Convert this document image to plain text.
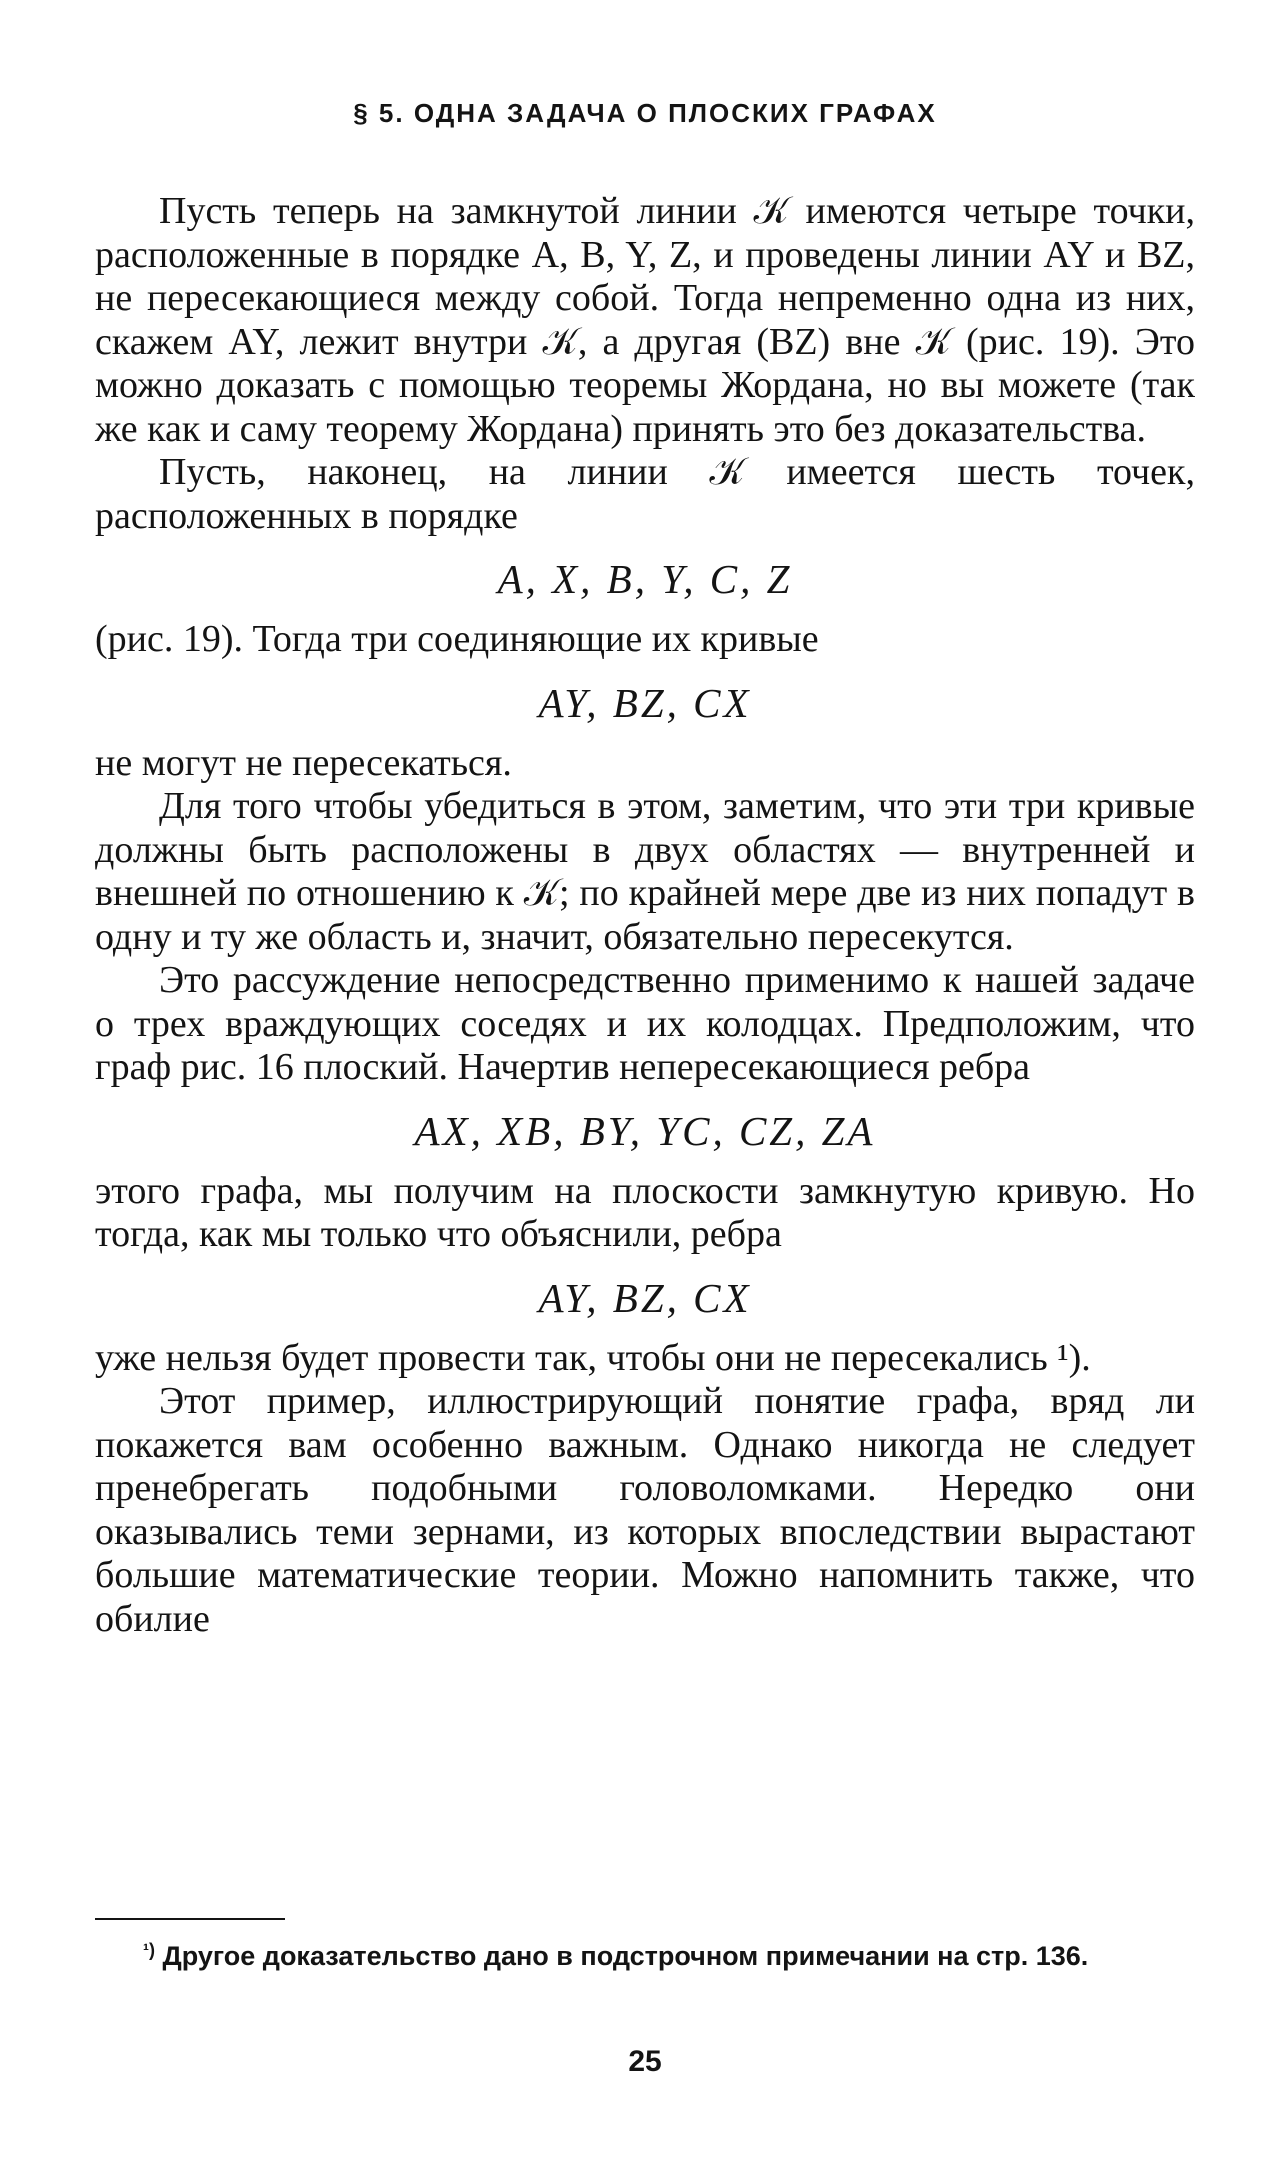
§ 5. ОДНА ЗАДАЧА О ПЛОСКИХ ГРАФАХ

Пусть теперь на замкнутой линии 𝒦 имеются четыре точки, расположенные в порядке A, B, Y, Z, и проведены линии AY и BZ, не пересекающиеся между собой. Тогда непременно одна из них, скажем AY, лежит внутри 𝒦, а другая (BZ) вне 𝒦 (рис. 19). Это можно доказать с помощью теоремы Жордана, но вы можете (так же как и саму теорему Жордана) принять это без доказательства.

Пусть, наконец, на линии 𝒦 имеется шесть точек, расположенных в порядке

A, X, B, Y, C, Z

(рис. 19). Тогда три соединяющие их кривые

AY, BZ, CX

не могут не пересекаться.

Для того чтобы убедиться в этом, заметим, что эти три кривые должны быть расположены в двух областях — внутренней и внешней по отношению к 𝒦; по крайней мере две из них попадут в одну и ту же область и, значит, обязательно пересекутся.

Это рассуждение непосредственно применимо к нашей задаче о трех враждующих соседях и их колодцах. Предположим, что граф рис. 16 плоский. Начертив непересекающиеся ребра

AX, XB, BY, YC, CZ, ZA

этого графа, мы получим на плоскости замкнутую кривую. Но тогда, как мы только что объяснили, ребра

AY, BZ, CX

уже нельзя будет провести так, чтобы они не пересекались ¹).

Этот пример, иллюстрирующий понятие графа, вряд ли покажется вам особенно важным. Однако никогда не следует пренебрегать подобными головоломками. Нередко они оказывались теми зернами, из которых впоследствии вырастают большие математические теории. Можно напомнить также, что обилие

$^{^1)}$ Другое доказательство дано в подстрочном примечании на стр. 136.

25
